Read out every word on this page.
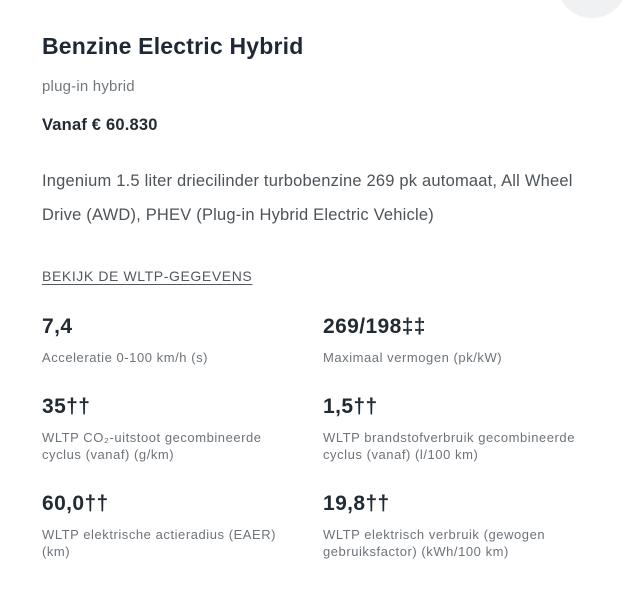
Benzine Electric Hybrid
plug-in hybrid
Vanaf € 60.830

Ingenium 1.5 liter driecilinder turbobenzine 269 pk automaat, All Wheel Drive (AWD), PHEV (Plug-in Hybrid Electric Vehicle)

BEKIJK DE WLTP-GEGEVENS
7,4
Acceleratie 0-100 km/h (s)
269/198‡‡
Maximaal vermogen (pk/kW)
35††
WLTP CO₂-uitstoot gecombineerde
cyclus (vanaf) (g/km)
1,5††
WLTP brandstofverbruik gecombineerde
cyclus (vanaf) (l/100 km)
60,0††
WLTP elektrische actieradius (EAER)
(km)
19,8††
WLTP elektrisch verbruik (gewogen
gebruiksfactor) (kWh/100 km)
